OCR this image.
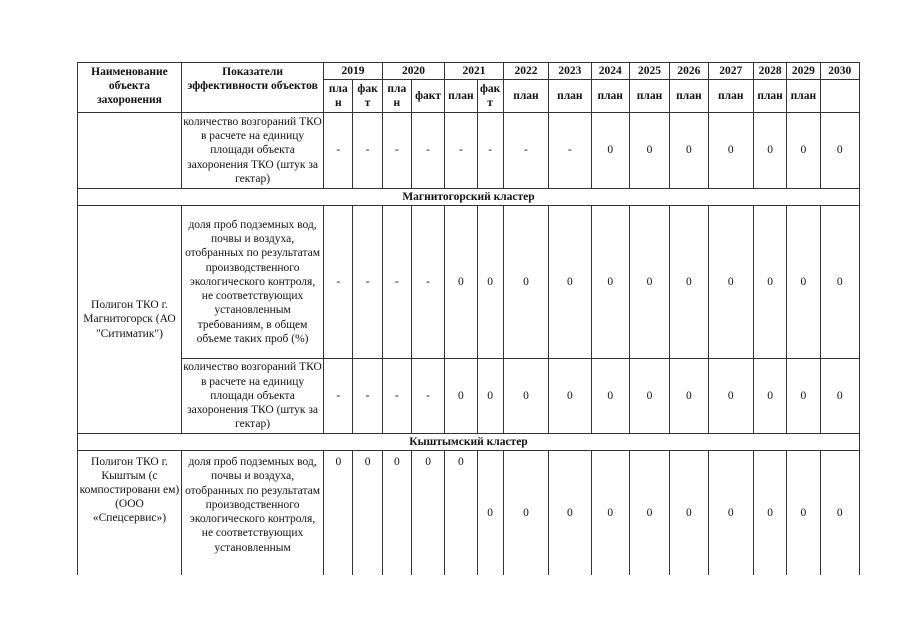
Наименование объекта захоронения	Показатели эффективности объектов	2019		2020		2021		2022	2023	2024	2025	2026	2027	2028	2029	2030
		пла н	фак т	пла н	факт	план	фак т	план	план	план	план	план	план	план	план	
	количество возгораний ТКО в расчете на единицу площади объекта захоронения ТКО (штук за гектар)	-	-	-	-	-	-	-	-	0	0	0	0	0	0	0
Магнитогорский кластер																
Полигон ТКО г. Магнитогорск (АО "Ситиматик")	доля проб подземных вод, почвы и воздуха, отобранных по результатам производственного экологического контроля, не соответствующих установленным требованиям, в общем объеме таких проб (%)	-	-	-	-	0	0	0	0	0	0	0	0	0	0	0
	количество возгораний ТКО в расчете на единицу площади объекта захоронения ТКО (штук за гектар)	-	-	-	-	0	0	0	0	0	0	0	0	0	0	0
Кыштымский кластер																
Полигон ТКО г. Кыштым (с компостировани ем) (ООО «Спецсервис»)	доля проб подземных вод, почвы и воздуха, отобранных по результатам производственного экологического контроля, не соответствующих установленным	0	0	0	0	0	0	0	0	0	0	0	0	0	0	0
